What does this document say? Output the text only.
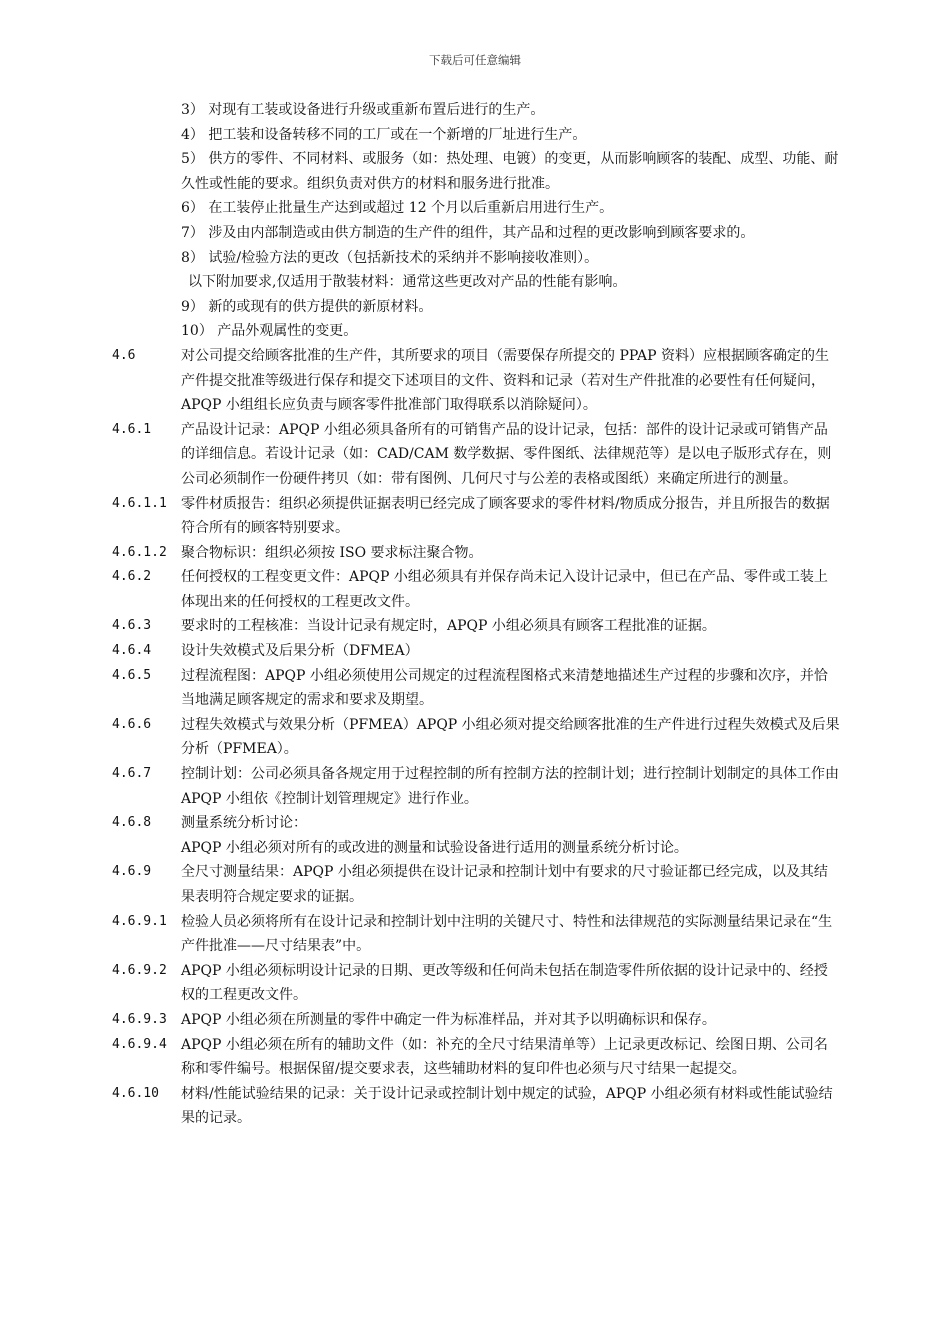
下载后可任意编辑

3） 对现有工装或设备进行升级或重新布置后进行的生产。

4） 把工装和设备转移不同的工厂或在一个新增的厂址进行生产。

5） 供方的零件、不同材料、或服务（如：热处理、电镀）的变更，从而影响顾客的装配、成型、功能、耐久性或性能的要求。组织负责对供方的材料和服务进行批准。

6） 在工装停止批量生产达到或超过 12 个月以后重新启用进行生产。

7） 涉及由内部制造或由供方制造的生产件的组件，其产品和过程的更改影响到顾客要求的。

8） 试验/检验方法的更改（包括新技术的采纳并不影响接收准则）。

以下附加要求,仅适用于散装材料：通常这些更改对产品的性能有影响。

9） 新的或现有的供方提供的新原材料。

10） 产品外观属性的变更。

4.6	对公司提交给顾客批准的生产件，其所要求的项目（需要保存所提交的 PPAP 资料）应根据顾客确定的生产件提交批准等级进行保存和提交下述项目的文件、资料和记录（若对生产件批准的必要性有任何疑问，APQP 小组组长应负责与顾客零件批准部门取得联系以消除疑问）。
4.6.1	产品设计记录：APQP 小组必须具备所有的可销售产品的设计记录，包括：部件的设计记录或可销售产品的详细信息。若设计记录（如：CAD/CAM 数学数据、零件图纸、法律规范等）是以电子版形式存在，则公司必须制作一份硬件拷贝（如：带有图例、几何尺寸与公差的表格或图纸）来确定所进行的测量。
4.6.1.1	零件材质报告：组织必须提供证据表明已经完成了顾客要求的零件材料/物质成分报告，并且所报告的数据符合所有的顾客特别要求。
4.6.1.2	聚合物标识：组织必须按 ISO 要求标注聚合物。
4.6.2	任何授权的工程变更文件：APQP 小组必须具有并保存尚未记入设计记录中，但已在产品、零件或工装上体现出来的任何授权的工程更改文件。
4.6.3	要求时的工程核准：当设计记录有规定时，APQP 小组必须具有顾客工程批准的证据。
4.6.4	设计失效模式及后果分析（DFMEA）
4.6.5	过程流程图：APQP 小组必须使用公司规定的过程流程图格式来清楚地描述生产过程的步骤和次序，并恰当地满足顾客规定的需求和要求及期望。
4.6.6	过程失效模式与效果分析（PFMEA）APQP 小组必须对提交给顾客批准的生产件进行过程失效模式及后果分析（PFMEA）。
4.6.7	控制计划：公司必须具备各规定用于过程控制的所有控制方法的控制计划；进行控制计划制定的具体工作由 APQP 小组依《控制计划管理规定》进行作业。
4.6.8	测量系统分析讨论：

APQP 小组必须对所有的或改进的测量和试验设备进行适用的测量系统分析讨论。

4.6.9	全尺寸测量结果：APQP 小组必须提供在设计记录和控制计划中有要求的尺寸验证都已经完成，以及其结果表明符合规定要求的证据。
4.6.9.1	检验人员必须将所有在设计记录和控制计划中注明的关键尺寸、特性和法律规范的实际测量结果记录在“生产件批准——尺寸结果表”中。
4.6.9.2	APQP 小组必须标明设计记录的日期、更改等级和任何尚未包括在制造零件所依据的设计记录中的、经授权的工程更改文件。
4.6.9.3	APQP 小组必须在所测量的零件中确定一件为标准样品，并对其予以明确标识和保存。
4.6.9.4	APQP 小组必须在所有的辅助文件（如：补充的全尺寸结果清单等）上记录更改标记、绘图日期、公司名称和零件编号。根据保留/提交要求表，这些辅助材料的复印件也必须与尺寸结果一起提交。
4.6.10	材料/性能试验结果的记录：关于设计记录或控制计划中规定的试验，APQP 小组必须有材料或性能试验结果的记录。
